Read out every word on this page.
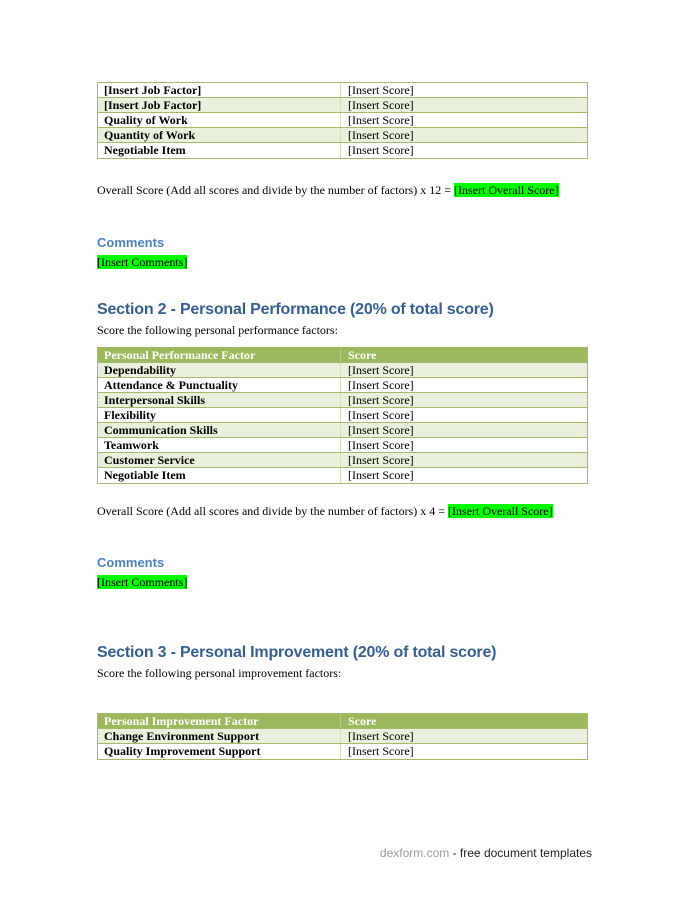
[Insert Job Factor]	[Insert Score]
[Insert Job Factor]	[Insert Score]
Quality of Work	[Insert Score]
Quantity of Work	[Insert Score]
Negotiable Item	[Insert Score]

Overall Score (Add all scores and divide by the number of factors) x 12 = [Insert Overall Score]

Comments

[Insert Comments]

Section 2 - Personal Performance (20% of total score)

Score the following personal performance factors:

Personal Performance Factor	Score
Dependability	[Insert Score]
Attendance & Punctuality	[Insert Score]
Interpersonal Skills	[Insert Score]
Flexibility	[Insert Score]
Communication Skills	[Insert Score]
Teamwork	[Insert Score]
Customer Service	[Insert Score]
Negotiable Item	[Insert Score]

Overall Score (Add all scores and divide by the number of factors) x 4 = [Insert Overall Score]

Comments

[Insert Comments]

Section 3 - Personal Improvement (20% of total score)

Score the following personal improvement factors:

Personal Improvement Factor	Score
Change Environment Support	[Insert Score]
Quality Improvement Support	[Insert Score]
dexform.com - free document templates
